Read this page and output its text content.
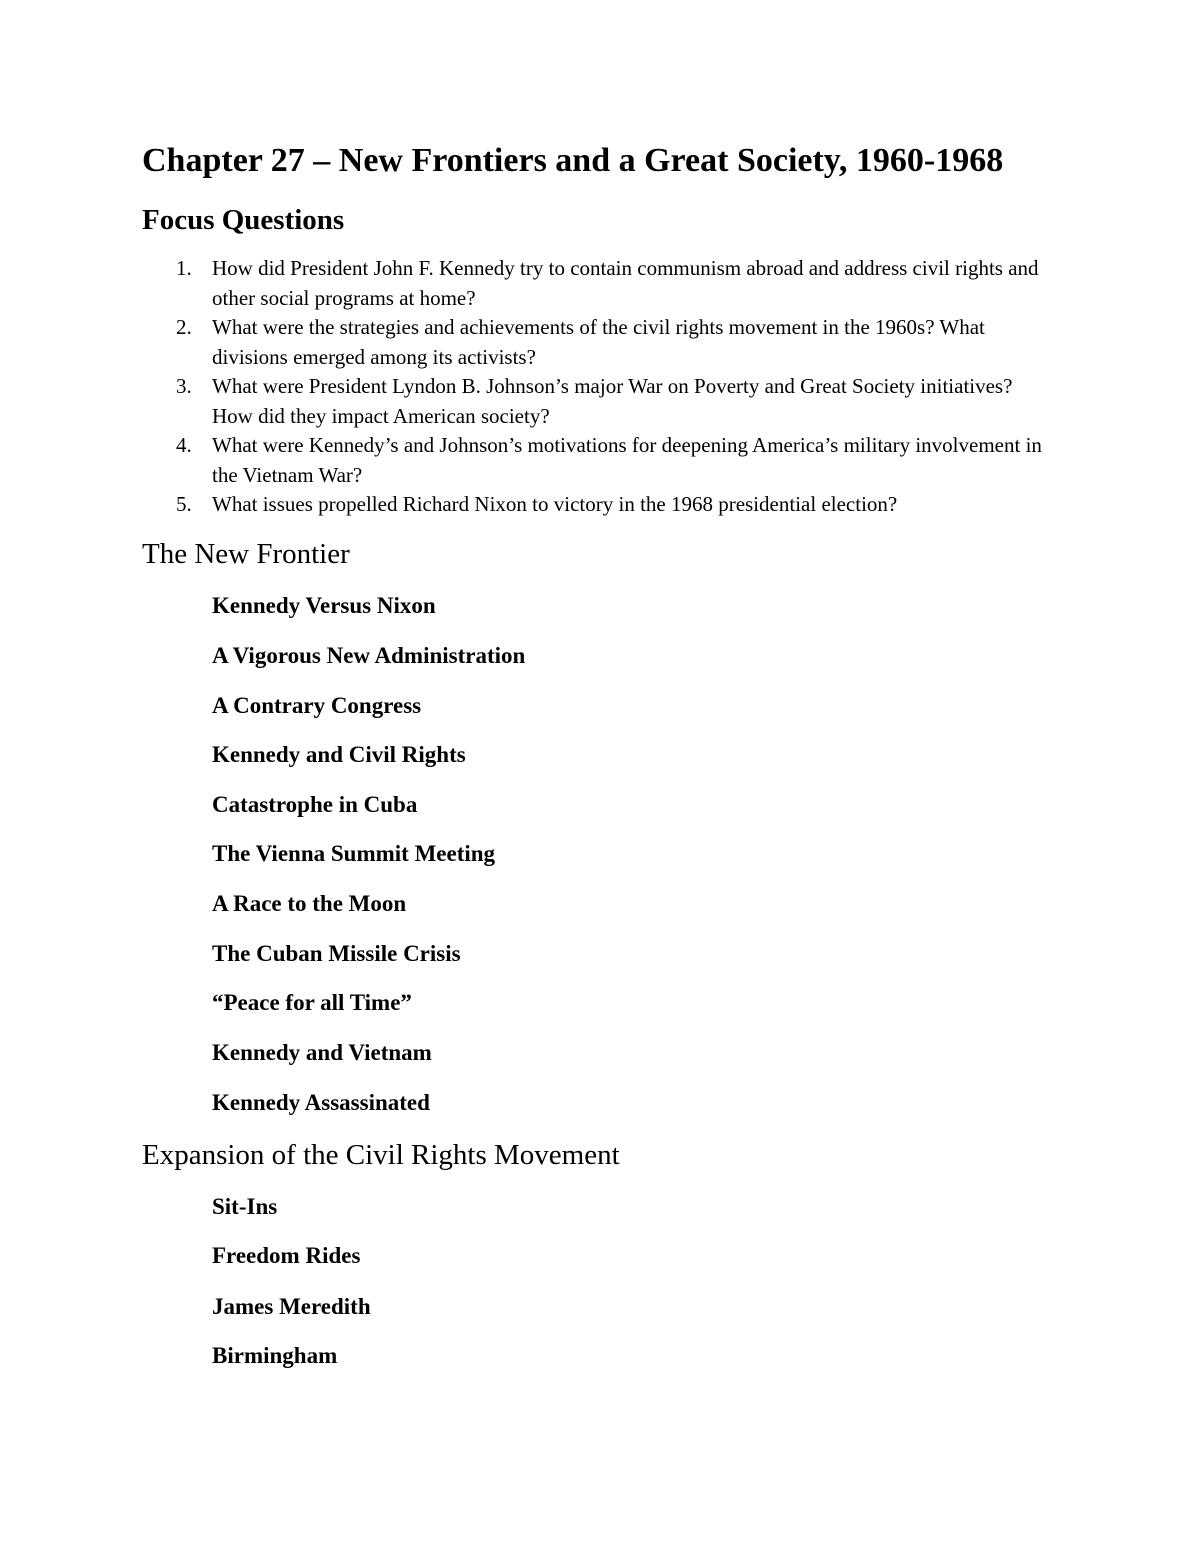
Chapter 27 – New Frontiers and a Great Society, 1960-1968
Focus Questions
1. How did President John F. Kennedy try to contain communism abroad and address civil rights and other social programs at home?
2. What were the strategies and achievements of the civil rights movement in the 1960s? What divisions emerged among its activists?
3. What were President Lyndon B. Johnson’s major War on Poverty and Great Society initiatives? How did they impact American society?
4. What were Kennedy’s and Johnson’s motivations for deepening America’s military involvement in the Vietnam War?
5. What issues propelled Richard Nixon to victory in the 1968 presidential election?
The New Frontier
Kennedy Versus Nixon
A Vigorous New Administration
A Contrary Congress
Kennedy and Civil Rights
Catastrophe in Cuba
The Vienna Summit Meeting
A Race to the Moon
The Cuban Missile Crisis
“Peace for all Time”
Kennedy and Vietnam
Kennedy Assassinated
Expansion of the Civil Rights Movement
Sit-Ins
Freedom Rides
James Meredith
Birmingham
